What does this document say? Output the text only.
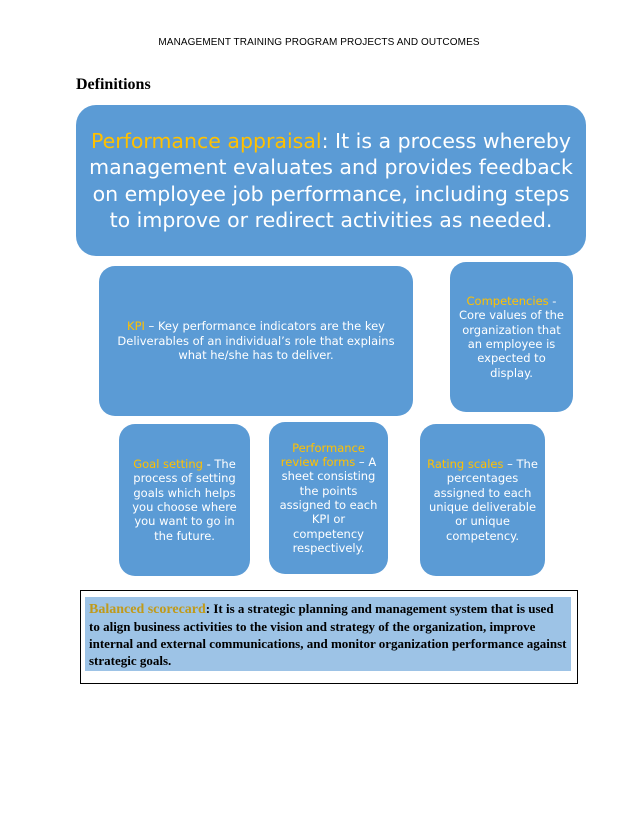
MANAGEMENT TRAINING PROGRAM PROJECTS AND OUTCOMES
Definitions
Performance appraisal: It is a process whereby management evaluates and provides feedback on employee job performance, including steps to improve or redirect activities as needed.
KPI – Key performance indicators are the key Deliverables of an individual’s role that explains what he/she has to deliver.
Competencies - Core values of the organization that an employee is expected to display.
Goal setting - The process of setting goals which helps you choose where you want to go in the future.
Performance review forms – A sheet consisting the points assigned to each KPI or competency respectively.
Rating scales – The percentages assigned to each unique deliverable or unique competency.
Balanced scorecard: It is a strategic planning and management system that is used to align business activities to the vision and strategy of the organization, improve internal and external communications, and monitor organization performance against strategic goals.
